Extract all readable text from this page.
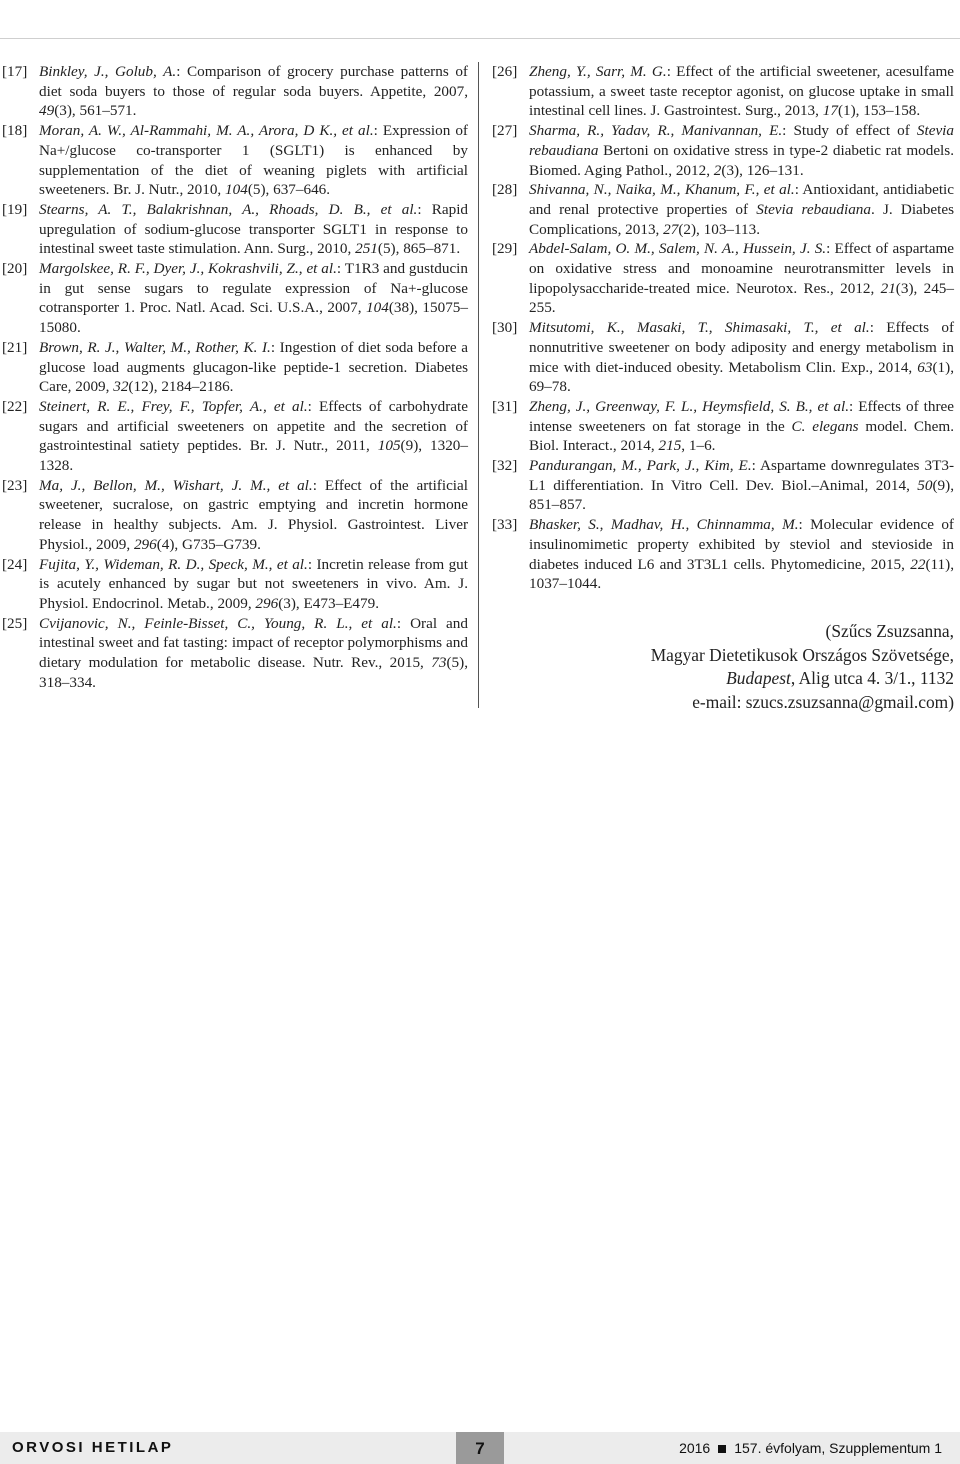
[17] Binkley, J., Golub, A.: Comparison of grocery purchase patterns of diet soda buyers to those of regular soda buyers. Appetite, 2007, 49(3), 561–571.
[18] Moran, A. W., Al-Rammahi, M. A., Arora, D K., et al.: Expression of Na+/glucose co-transporter 1 (SGLT1) is enhanced by supplementation of the diet of weaning piglets with artificial sweeteners. Br. J. Nutr., 2010, 104(5), 637–646.
[19] Stearns, A. T., Balakrishnan, A., Rhoads, D. B., et al.: Rapid upregulation of sodium-glucose transporter SGLT1 in response to intestinal sweet taste stimulation. Ann. Surg., 2010, 251(5), 865–871.
[20] Margolskee, R. F., Dyer, J., Kokrashvili, Z., et al.: T1R3 and gustducin in gut sense sugars to regulate expression of Na+-glucose cotransporter 1. Proc. Natl. Acad. Sci. U.S.A., 2007, 104(38), 15075–15080.
[21] Brown, R. J., Walter, M., Rother, K. I.: Ingestion of diet soda before a glucose load augments glucagon-like peptide-1 secretion. Diabetes Care, 2009, 32(12), 2184–2186.
[22] Steinert, R. E., Frey, F., Topfer, A., et al.: Effects of carbohydrate sugars and artificial sweeteners on appetite and the secretion of gastrointestinal satiety peptides. Br. J. Nutr., 2011, 105(9), 1320–1328.
[23] Ma, J., Bellon, M., Wishart, J. M., et al.: Effect of the artificial sweetener, sucralose, on gastric emptying and incretin hormone release in healthy subjects. Am. J. Physiol. Gastrointest. Liver Physiol., 2009, 296(4), G735–G739.
[24] Fujita, Y., Wideman, R. D., Speck, M., et al.: Incretin release from gut is acutely enhanced by sugar but not sweeteners in vivo. Am. J. Physiol. Endocrinol. Metab., 2009, 296(3), E473–E479.
[25] Cvijanovic, N., Feinle-Bisset, C., Young, R. L., et al.: Oral and intestinal sweet and fat tasting: impact of receptor polymorphisms and dietary modulation for metabolic disease. Nutr. Rev., 2015, 73(5), 318–334.
[26] Zheng, Y., Sarr, M. G.: Effect of the artificial sweetener, acesulfame potassium, a sweet taste receptor agonist, on glucose uptake in small intestinal cell lines. J. Gastrointest. Surg., 2013, 17(1), 153–158.
[27] Sharma, R., Yadav, R., Manivannan, E.: Study of effect of Stevia rebaudiana Bertoni on oxidative stress in type-2 diabetic rat models. Biomed. Aging Pathol., 2012, 2(3), 126–131.
[28] Shivanna, N., Naika, M., Khanum, F., et al.: Antioxidant, antidiabetic and renal protective properties of Stevia rebaudiana. J. Diabetes Complications, 2013, 27(2), 103–113.
[29] Abdel-Salam, O. M., Salem, N. A., Hussein, J. S.: Effect of aspartame on oxidative stress and monoamine neurotransmitter levels in lipopolysaccharide-treated mice. Neurotox. Res., 2012, 21(3), 245–255.
[30] Mitsutomi, K., Masaki, T., Shimasaki, T., et al.: Effects of nonnutritive sweetener on body adiposity and energy metabolism in mice with diet-induced obesity. Metabolism Clin. Exp., 2014, 63(1), 69–78.
[31] Zheng, J., Greenway, F. L., Heymsfield, S. B., et al.: Effects of three intense sweeteners on fat storage in the C. elegans model. Chem. Biol. Interact., 2014, 215, 1–6.
[32] Pandurangan, M., Park, J., Kim, E.: Aspartame downregulates 3T3-L1 differentiation. In Vitro Cell. Dev. Biol.–Animal, 2014, 50(9), 851–857.
[33] Bhasker, S., Madhav, H., Chinnamma, M.: Molecular evidence of insulinomimetic property exhibited by steviol and stevioside in diabetes induced L6 and 3T3L1 cells. Phytomedicine, 2015, 22(11), 1037–1044.
(Szűcs Zsuzsanna,
Magyar Dietetikusok Országos Szövetsége,
Budapest, Alig utca 4. 3/1., 1132
e-mail: szucs.zsuzsanna@gmail.com)
ORVOSI HETILAP	7	2016 157. évfolyam, Szupplementum 1
